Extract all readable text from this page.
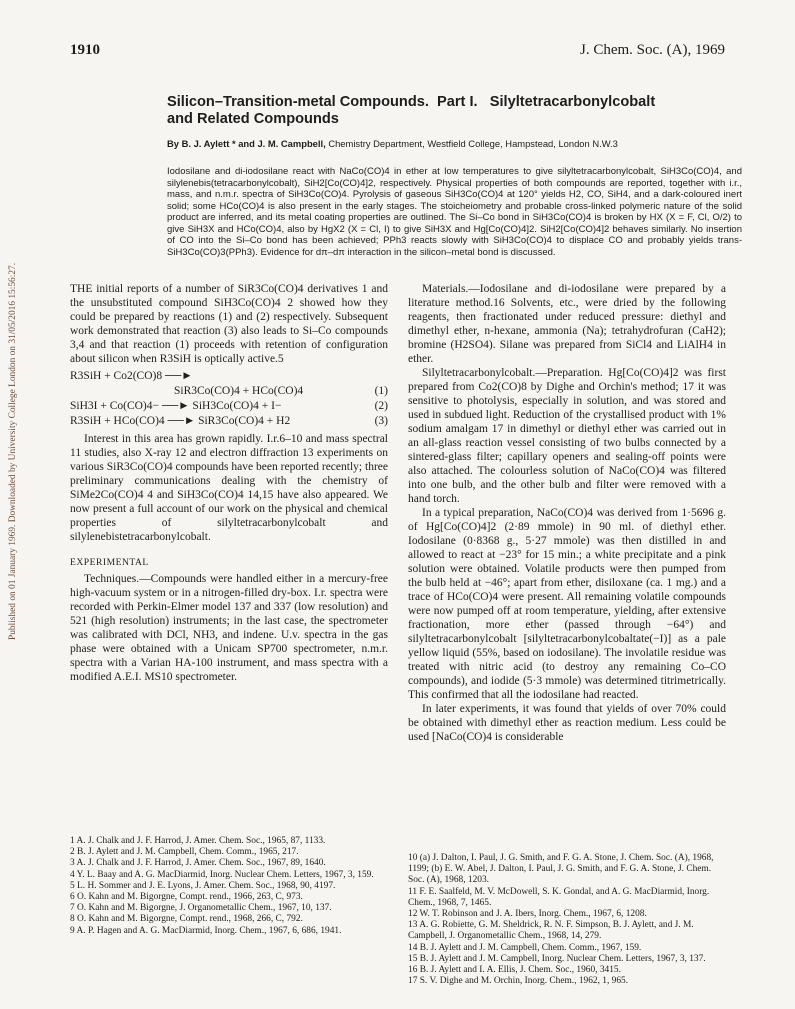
Published on 01 January 1969. Downloaded by University College London on 31/05/2016 15:56:27.
1910	J. Chem. Soc. (A), 1969
Silicon–Transition-metal Compounds.  Part I.   Silyltetracarbonylcobalt
and Related Compounds
By B. J. Aylett * and J. M. Campbell, Chemistry Department, Westfield College, Hampstead, London N.W.3
Iodosilane and di-iodosilane react with NaCo(CO)4 in ether at low temperatures to give silyltetracarbonylcobalt, SiH3Co(CO)4, and silylenebis(tetracarbonylcobalt), SiH2[Co(CO)4]2, respectively. Physical properties of both compounds are reported, together with i.r., mass, and n.m.r. spectra of SiH3Co(CO)4. Pyrolysis of gaseous SiH3Co(CO)4 at 120° yields H2, CO, SiH4, and a dark-coloured inert solid; some HCo(CO)4 is also present in the early stages. The stoicheiometry and probable cross-linked polymeric nature of the solid product are inferred, and its metal coating properties are outlined. The Si–Co bond in SiH3Co(CO)4 is broken by HX (X = F, Cl, O/2) to give SiH3X and HCo(CO)4, also by HgX2 (X = Cl, I) to give SiH3X and Hg[Co(CO)4]2. SiH2[Co(CO)4]2 behaves similarly. No insertion of CO into the Si–Co bond has been achieved; PPh3 reacts slowly with SiH3Co(CO)4 to displace CO and probably yields trans-SiH3Co(CO)3(PPh3). Evidence for dπ–dπ interaction in the silicon–metal bond is discussed.

THE initial reports of a number of SiR3Co(CO)4 derivatives 1 and the unsubstituted compound SiH3Co(CO)4 2 showed how they could be prepared by reactions (1) and (2) respectively. Subsequent work demonstrated that reaction (3) also leads to Si–Co compounds 3,4 and that reaction (1) proceeds with retention of configuration about silicon when R3SiH is optically active.5

R3SiH + Co2(CO)8 ──►
SiR3Co(CO)4 + HCo(CO)4	(1)
SiH3I + Co(CO)4− ──► SiH3Co(CO)4 + I−	(2)
R3SiH + HCo(CO)4 ──► SiR3Co(CO)4 + H2	(3)

Interest in this area has grown rapidly. I.r.6–10 and mass spectral 11 studies, also X-ray 12 and electron diffraction 13 experiments on various SiR3Co(CO)4 compounds have been reported recently; three preliminary communications dealing with the chemistry of SiMe2Co(CO)4 4 and SiH3Co(CO)4 14,15 have also appeared. We now present a full account of our work on the physical and chemical properties of silyltetracarbonylcobalt and silylenebistetracarbonylcobalt.

EXPERIMENTAL

Techniques.—Compounds were handled either in a mercury-free high-vacuum system or in a nitrogen-filled dry-box. I.r. spectra were recorded with Perkin-Elmer model 137 and 337 (low resolution) and 521 (high resolution) instruments; in the last case, the spectrometer was calibrated with DCl, NH3, and indene. U.v. spectra in the gas phase were obtained with a Unicam SP700 spectrometer, n.m.r. spectra with a Varian HA-100 instrument, and mass spectra with a modified A.E.I. MS10 spectrometer.

Materials.—Iodosilane and di-iodosilane were prepared by a literature method.16 Solvents, etc., were dried by the following reagents, then fractionated under reduced pressure: diethyl and dimethyl ether, n-hexane, ammonia (Na); tetrahydrofuran (CaH2); bromine (H2SO4). Silane was prepared from SiCl4 and LiAlH4 in ether.

Silyltetracarbonylcobalt.—Preparation. Hg[Co(CO)4]2 was first prepared from Co2(CO)8 by Dighe and Orchin's method; 17 it was sensitive to photolysis, especially in solution, and was stored and used in subdued light. Reduction of the crystallised product with 1% sodium amalgam 17 in dimethyl or diethyl ether was carried out in an all-glass reaction vessel consisting of two bulbs connected by a sintered-glass filter; capillary openers and sealing-off points were also attached. The colourless solution of NaCo(CO)4 was filtered into one bulb, and the other bulb and filter were removed with a hand torch.

In a typical preparation, NaCo(CO)4 was derived from 1·5696 g. of Hg[Co(CO)4]2 (2·89 mmole) in 90 ml. of diethyl ether. Iodosilane (0·8368 g., 5·27 mmole) was then distilled in and allowed to react at −23° for 15 min.; a white precipitate and a pink solution were obtained. Volatile products were then pumped from the bulb held at −46°; apart from ether, disiloxane (ca. 1 mg.) and a trace of HCo(CO)4 were present. All remaining volatile compounds were now pumped off at room temperature, yielding, after extensive fractionation, more ether (passed through −64°) and silyltetracarbonylcobalt [silyltetracarbonylcobaltate(−I)] as a pale yellow liquid (55%, based on iodosilane). The involatile residue was treated with nitric acid (to destroy any remaining Co–CO compounds), and iodide (5·3 mmole) was determined titrimetrically. This confirmed that all the iodosilane had reacted.

In later experiments, it was found that yields of over 70% could be obtained with dimethyl ether as reaction medium. Less could be used [NaCo(CO)4 is considerable

1 A. J. Chalk and J. F. Harrod, J. Amer. Chem. Soc., 1965, 87, 1133.

2 B. J. Aylett and J. M. Campbell, Chem. Comm., 1965, 217.

3 A. J. Chalk and J. F. Harrod, J. Amer. Chem. Soc., 1967, 89, 1640.

4 Y. L. Baay and A. G. MacDiarmid, Inorg. Nuclear Chem. Letters, 1967, 3, 159.

5 L. H. Sommer and J. E. Lyons, J. Amer. Chem. Soc., 1968, 90, 4197.

6 O. Kahn and M. Bigorgne, Compt. rend., 1966, 263, C, 973.

7 O. Kahn and M. Bigorgne, J. Organometallic Chem., 1967, 10, 137.

8 O. Kahn and M. Bigorgne, Compt. rend., 1968, 266, C, 792.

9 A. P. Hagen and A. G. MacDiarmid, Inorg. Chem., 1967, 6, 686, 1941.

10 (a) J. Dalton, I. Paul, J. G. Smith, and F. G. A. Stone, J. Chem. Soc. (A), 1968, 1199; (b) E. W. Abel, J. Dalton, I. Paul, J. G. Smith, and F. G. A. Stone, J. Chem. Soc. (A), 1968, 1203.

11 F. E. Saalfeld, M. V. McDowell, S. K. Gondal, and A. G. MacDiarmid, Inorg. Chem., 1968, 7, 1465.

12 W. T. Robinson and J. A. Ibers, Inorg. Chem., 1967, 6, 1208.

13 A. G. Robiette, G. M. Sheldrick, R. N. F. Simpson, B. J. Aylett, and J. M. Campbell, J. Organometallic Chem., 1968, 14, 279.

14 B. J. Aylett and J. M. Campbell, Chem. Comm., 1967, 159.

15 B. J. Aylett and J. M. Campbell, Inorg. Nuclear Chem. Letters, 1967, 3, 137.

16 B. J. Aylett and I. A. Ellis, J. Chem. Soc., 1960, 3415.

17 S. V. Dighe and M. Orchin, Inorg. Chem., 1962, 1, 965.
